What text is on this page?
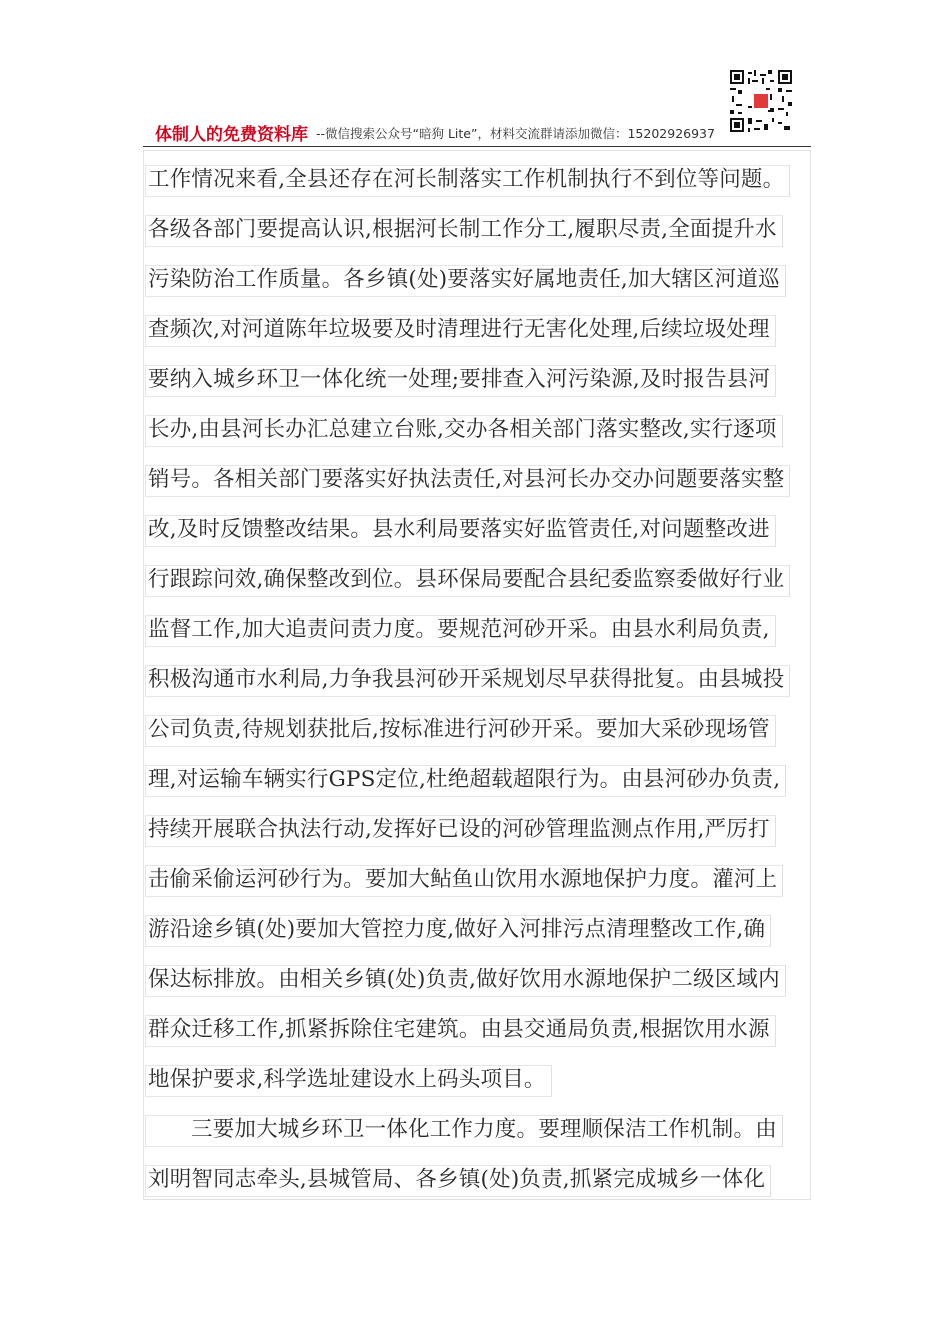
体制人的免费资料库 --微信搜索公众号“暗狗 Lite”，材料交流群请添加微信：15202926937
工作情况来看,全县还存在河长制落实工作机制执行不到位等问题。
各级各部门要提高认识,根据河长制工作分工,履职尽责,全面提升水
污染防治工作质量。各乡镇(处)要落实好属地责任,加大辖区河道巡
查频次,对河道陈年垃圾要及时清理进行无害化处理,后续垃圾处理
要纳入城乡环卫一体化统一处理;要排查入河污染源,及时报告县河
长办,由县河长办汇总建立台账,交办各相关部门落实整改,实行逐项
销号。各相关部门要落实好执法责任,对县河长办交办问题要落实整
改,及时反馈整改结果。县水利局要落实好监管责任,对问题整改进
行跟踪问效,确保整改到位。县环保局要配合县纪委监察委做好行业
监督工作,加大追责问责力度。要规范河砂开采。由县水利局负责,
积极沟通市水利局,力争我县河砂开采规划尽早获得批复。由县城投
公司负责,待规划获批后,按标准进行河砂开采。要加大采砂现场管
理,对运输车辆实行GPS定位,杜绝超载超限行为。由县河砂办负责,
持续开展联合执法行动,发挥好已设的河砂管理监测点作用,严厉打
击偷采偷运河砂行为。要加大鲇鱼山饮用水源地保护力度。灌河上
游沿途乡镇(处)要加大管控力度,做好入河排污点清理整改工作,确
保达标排放。由相关乡镇(处)负责,做好饮用水源地保护二级区域内
群众迁移工作,抓紧拆除住宅建筑。由县交通局负责,根据饮用水源
地保护要求,科学选址建设水上码头项目。
三要加大城乡环卫一体化工作力度。要理顺保洁工作机制。由
刘明智同志牵头,县城管局、各乡镇(处)负责,抓紧完成城乡一体化
